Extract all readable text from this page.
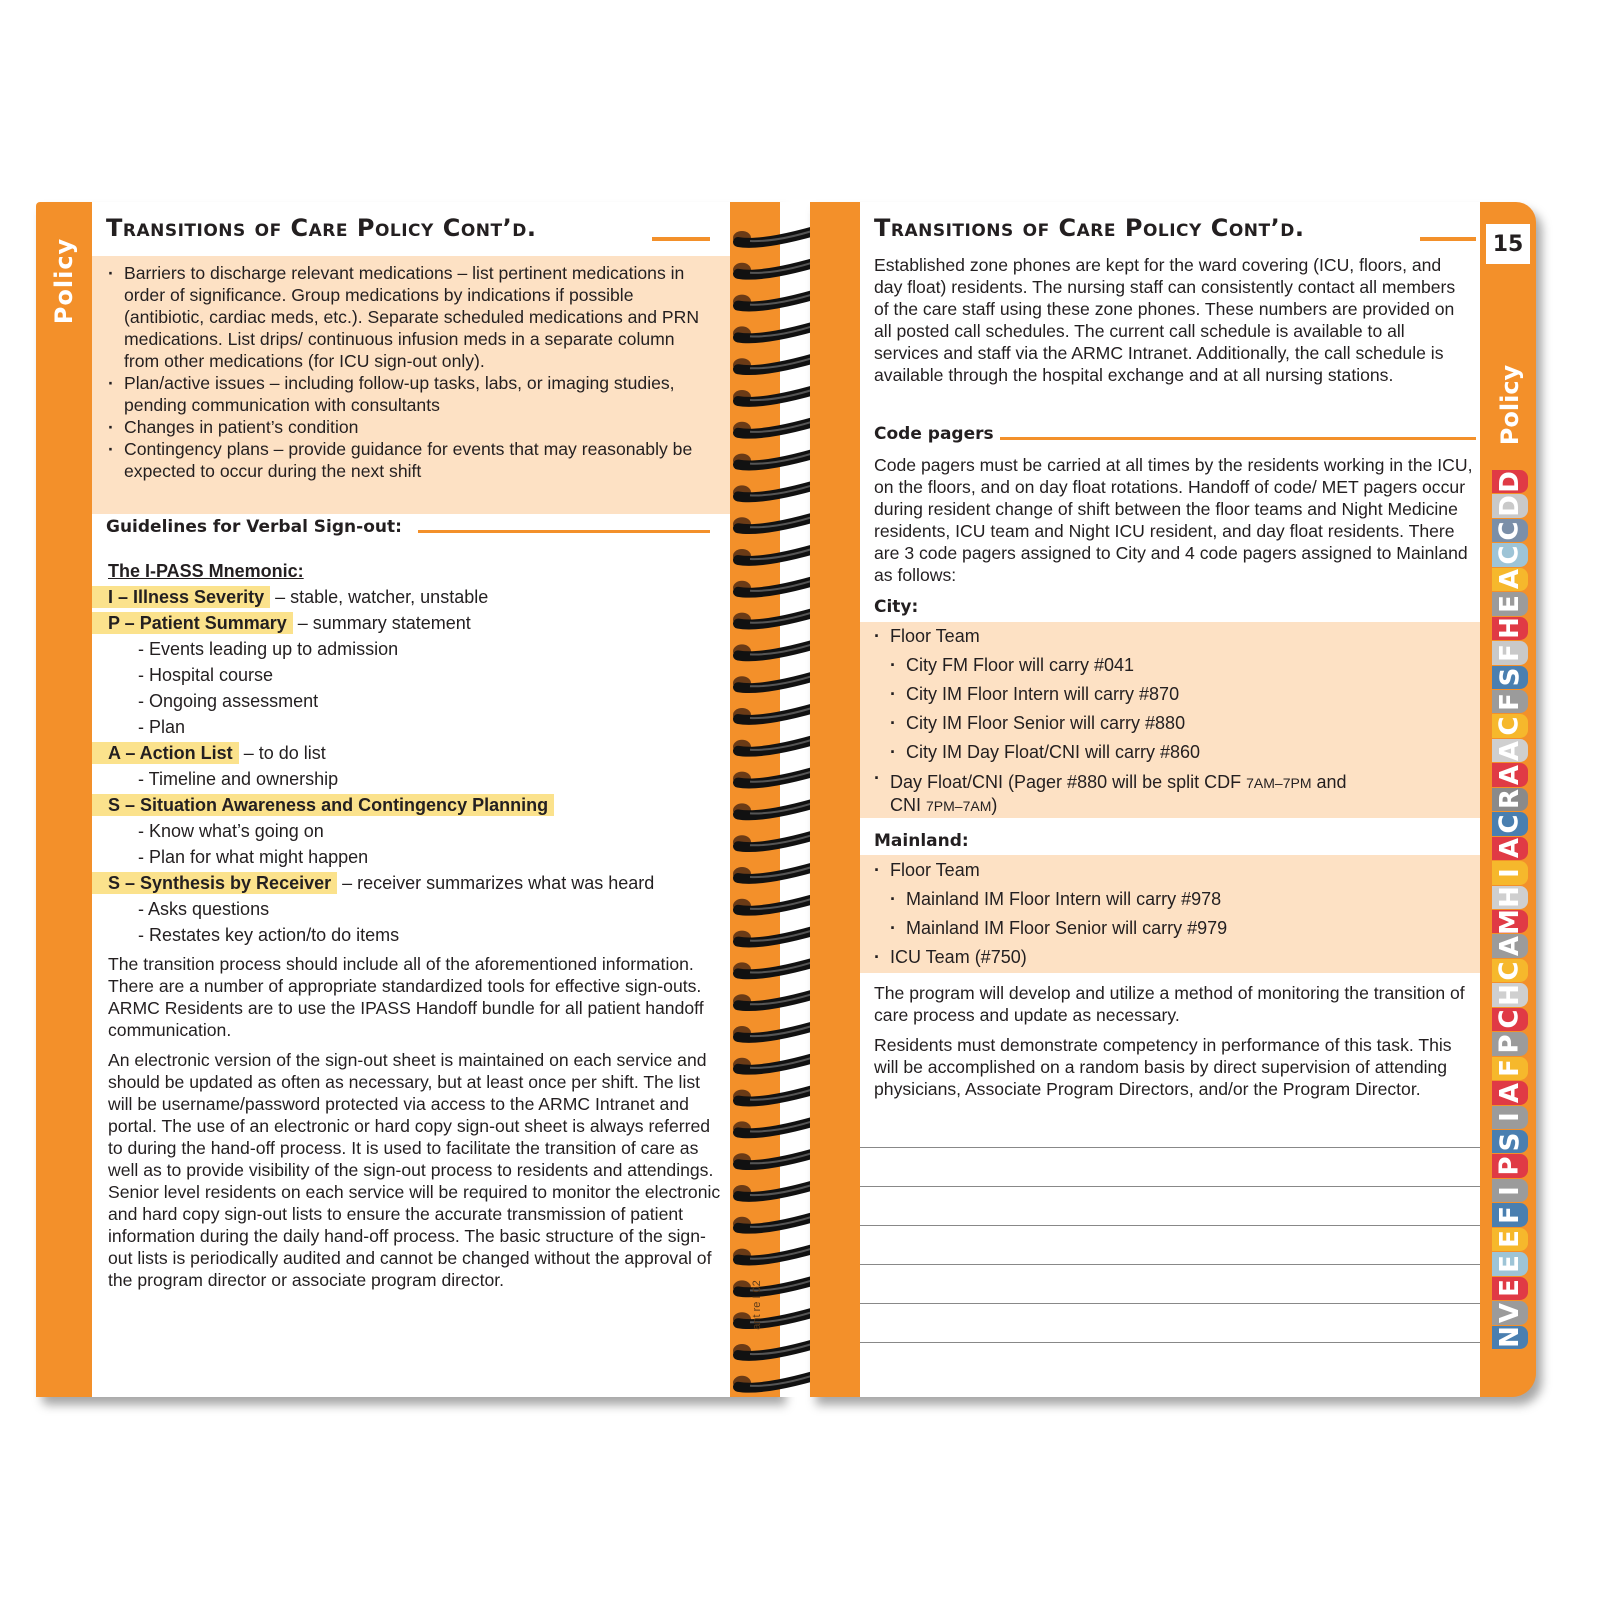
Policy
Transitions of Care Policy Cont’d.
· Barriers to discharge relevant medications – list pertinent medications in order of significance. Group medications by indications if possible (antibiotic, cardiac meds, etc.). Separate scheduled medications and PRN medications. List drips/ continuous infusion meds in a separate column from other medications (for ICU sign-out only).
· Plan/active issues – including follow-up tasks, labs, or imaging studies, pending communication with consultants
· Changes in patient’s condition
· Contingency plans – provide guidance for events that may reasonably be expected to occur during the next shift
Guidelines for Verbal Sign-out:
The I-PASS Mnemonic:
I – Illness Severity – stable, watcher, unstable
P – Patient Summary – summary statement
- Events leading up to admission
- Hospital course
- Ongoing assessment
- Plan
A – Action List – to do list
- Timeline and ownership
S – Situation Awareness and Contingency Planning
- Know what’s going on
- Plan for what might happen
S – Synthesis by Receiver – receiver summarizes what was heard
- Asks questions
- Restates key action/to do items

The transition process should include all of the aforementioned information. There are a number of appropriate standardized tools for effective sign-outs. ARMC Residents are to use the IPASS Handoff bundle for all patient handoff communication.

An electronic version of the sign-out sheet is maintained on each service and should be updated as often as necessary, but at least once per shift. The list will be username/password protected via access to the ARMC Intranet and portal. The use of an electronic or hard copy sign-out sheet is always referred to during the hand-off process. It is used to facilitate the transition of care as well as to provide visibility of the sign-out process to residents and attendings. Senior level residents on each service will be required to monitor the electronic and hard copy sign-out lists to ensure the accurate transmission of patient information during the daily hand-off process. The basic structure of the sign-out lists is periodically audited and cannot be changed without the approval of the program director or associate program director.

ant re I 02
15
Policy
D
D
C
C
A
E
H
F
S
F
C
A
A
R
C
A
I
H
M
A
C
H
C
P
F
A
I
S
P
I
F
E
E
E
V
N
Transitions of Care Policy Cont’d.
Established zone phones are kept for the ward covering (ICU, floors, and day float) residents. The nursing staff can consistently contact all members of the care staff using these zone phones. These numbers are provided on all posted call schedules. The current call schedule is available to all services and staff via the ARMC Intranet. Additionally, the call schedule is available through the hospital exchange and at all nursing stations.
Code pagers
Code pagers must be carried at all times by the residents working in the ICU, on the floors, and on day float rotations. Handoff of code/ MET pagers occur during resident change of shift between the floor teams and Night Medicine residents, ICU team and Night ICU resident, and day float residents. There are 3 code pagers assigned to City and 4 code pagers assigned to Mainland as follows:
City:
· Floor Team
· City FM Floor will carry #041
· City IM Floor Intern will carry #870
· City IM Floor Senior will carry #880
· City IM Day Float/CNI will carry #860
· Day Float/CNI (Pager #880 will be split CDF 7AM–7PM and
CNI 7PM–7AM)
Mainland:
· Floor Team
· Mainland IM Floor Intern will carry #978
· Mainland IM Floor Senior will carry #979
· ICU Team (#750)

The program will develop and utilize a method of monitoring the transition of care process and update as necessary.

Residents must demonstrate competency in performance of this task. This will be accomplished on a random basis by direct supervision of attending physicians, Associate Program Directors, and/or the Program Director.
